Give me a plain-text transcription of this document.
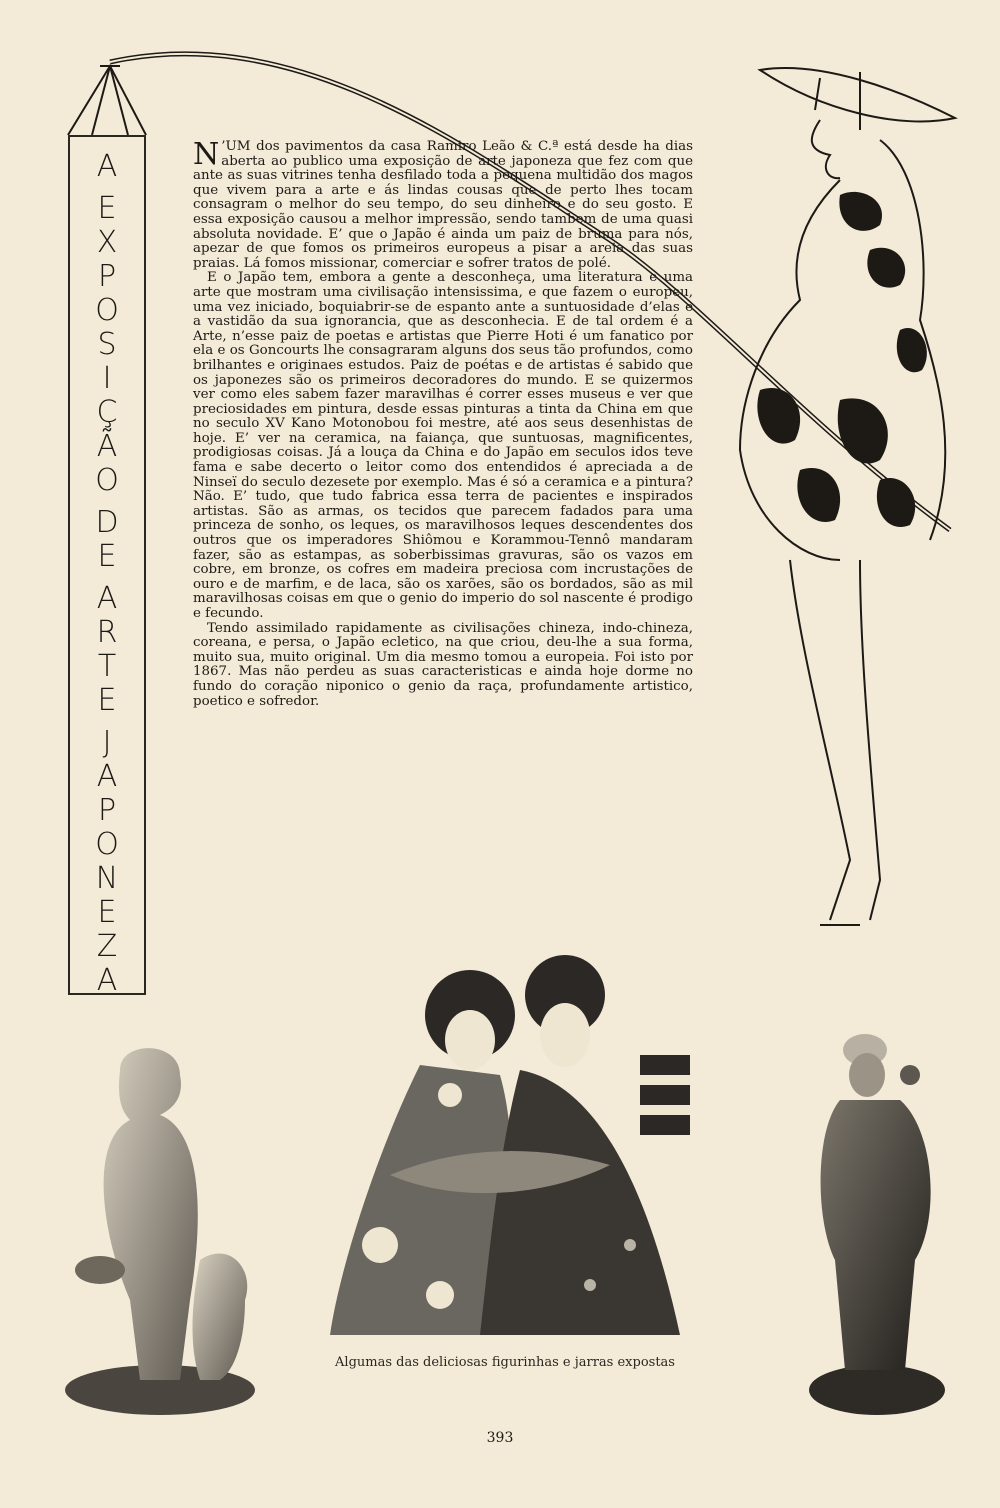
A
E
X
P
O
S
I
Ç
Ã
O
D
E
A
R
T
E
J
A
P
O
N
E
Z
A

N ’UM dos pavimentos da casa Ramiro Leão & C.ª está desde ha dias aberta ao publico uma exposição de arte japoneza que fez com que ante as suas vitrines tenha desfilado toda a pequena multidão dos magos que vivem para a arte e ás lindas cousas que de perto lhes tocam consagram o melhor do seu tempo, do seu dinheiro e do seu gosto. E essa exposição causou a melhor impressão, sendo tambem de uma quasi absoluta novidade. E’ que o Japão é ainda um paiz de bruma para nós, apezar de que fomos os primeiros europeus a pisar a areia das suas praias. Lá fomos missionar, comerciar e sofrer tratos de polé.

E o Japão tem, embora a gente a desconheça, uma literatura e uma arte que mostram uma civilisação intensissima, e que fazem o europeu, uma vez iniciado, boquiabrir-se de espanto ante a suntuosidade d’elas e a vastidão da sua ignorancia, que as desconhecia. E de tal ordem é a Arte, n’esse paiz de poetas e artistas que Pierre Hoti é um fanatico por ela e os Goncourts lhe consagraram alguns dos seus tão profundos, como brilhantes e originaes estudos. Paiz de poétas e de artistas é sabido que os japonezes são os primeiros decoradores do mundo. E se quizermos ver como eles sabem fazer maravilhas é correr esses museus e ver que preciosidades em pintura, desde essas pinturas a tinta da China em que no seculo XV Kano Motonobou foi mestre, até aos seus desenhistas de hoje. E’ ver na ceramica, na faiança, que suntuosas, magnificentes, prodigiosas coisas. Já a louça da China e do Japão em seculos idos teve fama e sabe decerto o leitor como dos entendidos é apreciada a de Ninseï do seculo dezesete por exemplo. Mas é só a ceramica e a pintura? Não. E’ tudo, que tudo fabrica essa terra de pacientes e inspirados artistas. São as armas, os tecidos que parecem fadados para uma princeza de sonho, os leques, os maravilhosos leques descendentes dos outros que os imperadores Shiômou e Korammou-Tennô mandaram fazer, são as estampas, as soberbissimas gravuras, são os vazos em cobre, em bronze, os cofres em madeira preciosa com incrustações de ouro e de marfim, e de laca, são os xarões, são os bordados, são as mil maravilhosas coisas em que o genio do imperio do sol nascente é prodigo e fecundo.

Tendo assimilado rapidamente as civilisações chineza, indo-chineza, coreana, e persa, o Japão ecletico, na que criou, deu-lhe a sua forma, muito sua, muito original. Um dia mesmo tomou a europeia. Foi isto por 1867. Mas não perdeu as suas caracteristicas e ainda hoje dorme no fundo do coração niponico o genio da raça, profundamente artistico, poetico e sofredor.

Algumas das deliciosas figurinhas e jarras expostas
393
